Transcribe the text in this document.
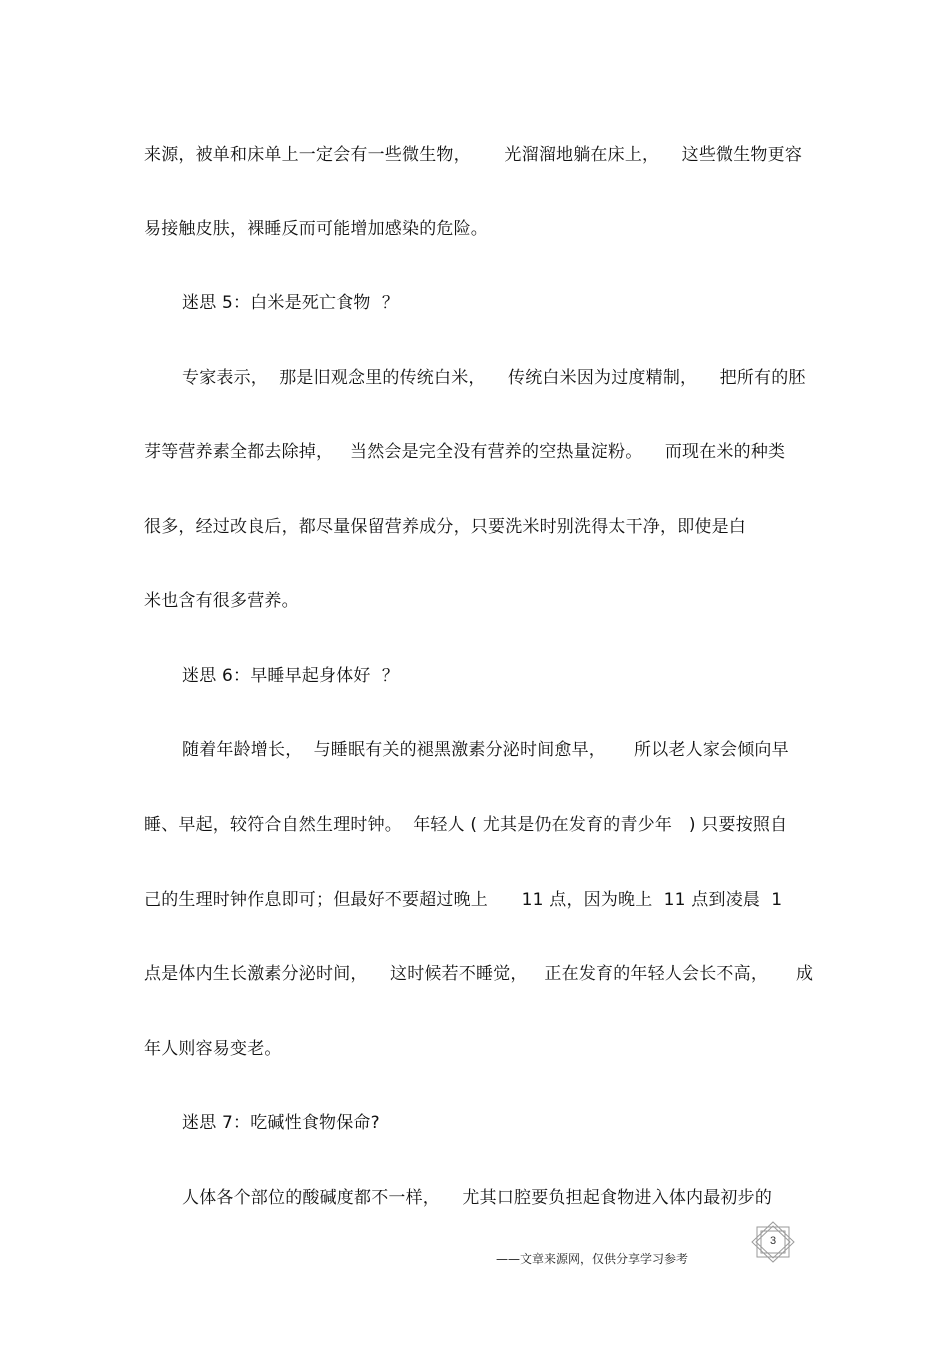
来源，被单和床单上一定会有一些微生物，      光溜溜地躺在床上，    这些微生物更容
易接触皮肤，裸睡反而可能增加感染的危险。
迷思 5：白米是死亡食物  ？
专家表示，  那是旧观念里的传统白米，    传统白米因为过度精制，    把所有的胚
芽等营养素全都去除掉，   当然会是完全没有营养的空热量淀粉。    而现在米的种类
很多，经过改良后，都尽量保留营养成分，只要洗米时别洗得太干净，即使是白
米也含有很多营养。
迷思 6：早睡早起身体好  ？
随着年龄增长，  与睡眠有关的褪黑激素分泌时间愈早，     所以老人家会倾向早
睡、早起，较符合自然生理时钟。  年轻人 ( 尤其是仍在发育的青少年   ) 只要按照自
己的生理时钟作息即可；但最好不要超过晚上      11 点，因为晚上  11 点到凌晨  1
点是体内生长激素分泌时间，    这时候若不睡觉，   正在发育的年轻人会长不高，     成
年人则容易变老。
迷思 7：吃碱性食物保命?
人体各个部位的酸碱度都不一样，    尤其口腔要负担起食物进入体内最初步的
3
——文章来源网，仅供分享学习参考
